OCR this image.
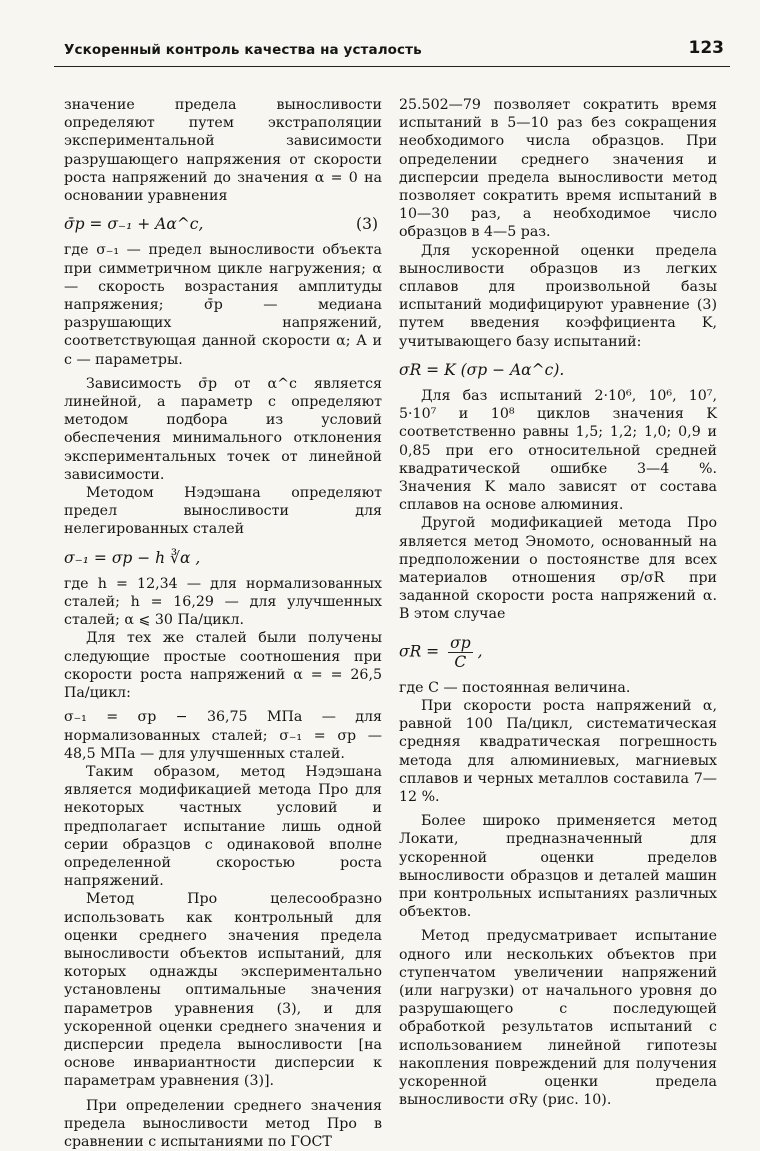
Ускоренный контроль качества на усталость	123

значение предела выносливости определяют путем экстраполяции экспериментальной зависимости разрушающего напряжения от скорости роста напряжений до значения α = 0 на основании уравнения

σ̄р = σ₋₁ + Aα^c,	(3)

где σ₋₁ — предел выносливости объекта при симметричном цикле нагружения; α — скорость возрастания амплитуды напряжения; σ̄р — медиана разрушающих напряжений, соответствующая данной скорости α; A и c — параметры.

Зависимость σ̄р от α^c является линейной, а параметр c определяют методом подбора из условий обеспечения минимального отклонения экспериментальных точек от линейной зависимости.

Методом Нэдэшана определяют предел выносливости для нелегированных сталей

σ₋₁ = σр − h ∛α ,

где h = 12,34 — для нормализованных сталей; h = 16,29 — для улучшенных сталей; α ⩽ 30 Па/цикл.

Для тех же сталей были получены следующие простые соотношения при скорости роста напряжений α = = 26,5 Па/цикл:

σ₋₁ = σр − 36,75 МПа — для нормализованных сталей; σ₋₁ = σр — 48,5 МПа — для улучшенных сталей.

Таким образом, метод Нэдэшана является модификацией метода Про для некоторых частных условий и предполагает испытание лишь одной серии образцов с одинаковой вполне определенной скоростью роста напряжений.

Метод Про целесообразно использовать как контрольный для оценки среднего значения предела выносливости объектов испытаний, для которых однажды экспериментально установлены оптимальные значения параметров уравнения (3), и для ускоренной оценки среднего значения и дисперсии предела выносливости [на основе инвариантности дисперсии к параметрам уравнения (3)].

При определении среднего значения предела выносливости метод Про в сравнении с испытаниями по ГОСТ

25.502—79 позволяет сократить время испытаний в 5—10 раз без сокращения необходимого числа образцов. При определении среднего значения и дисперсии предела выносливости метод позволяет сократить время испытаний в 10—30 раз, а необходимое число образцов в 4—5 раз.

Для ускоренной оценки предела выносливости образцов из легких сплавов для произвольной базы испытаний модифицируют уравнение (3) путем введения коэффициента K, учитывающего базу испытаний:

σR = K (σр − Aα^c).

Для баз испытаний 2·10⁶, 10⁶, 10⁷, 5·10⁷ и 10⁸ циклов значения K соответственно равны 1,5; 1,2; 1,0; 0,9 и 0,85 при его относительной средней квадратической ошибке 3—4 %. Значения K мало зависят от состава сплавов на основе алюминия.

Другой модификацией метода Про является метод Эномото, основанный на предположении о постоянстве для всех материалов отношения σр/σR при заданной скорости роста напряжений α. В этом случае

$\sigma R = \frac{\sigma р}{C}$ ,

где C — постоянная величина.

При скорости роста напряжений α, равной 100 Па/цикл, систематическая средняя квадратическая погрешность метода для алюминиевых, магниевых сплавов и черных металлов составила 7—12 %.

Более широко применяется метод Локати, предназначенный для ускоренной оценки пределов выносливости образцов и деталей машин при контрольных испытаниях различных объектов.

Метод предусматривает испытание одного или нескольких объектов при ступенчатом увеличении напряжений (или нагрузки) от начального уровня до разрушающего с последующей обработкой результатов испытаний с использованием линейной гипотезы накопления повреждений для получения ускоренной оценки предела выносливости σRу (рис. 10).
